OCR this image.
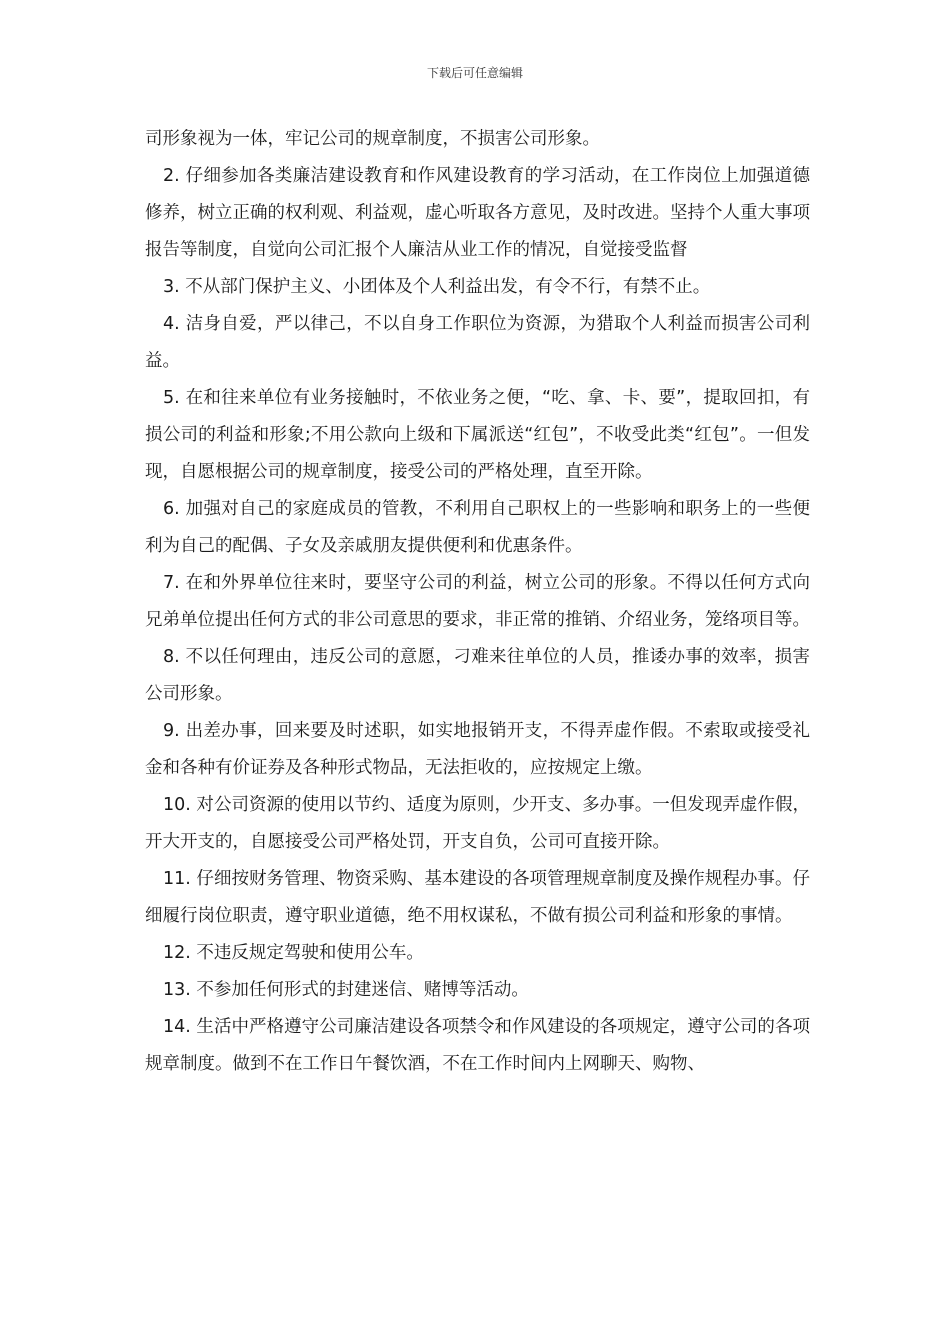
下载后可任意编辑

司形象视为一体，牢记公司的规章制度，不损害公司形象。

2. 仔细参加各类廉洁建设教育和作风建设教育的学习活动，在工作岗位上加强道德修养，树立正确的权利观、利益观，虚心听取各方意见，及时改进。坚持个人重大事项报告等制度，自觉向公司汇报个人廉洁从业工作的情况，自觉接受监督

3. 不从部门保护主义、小团体及个人利益出发，有令不行，有禁不止。

4. 洁身自爱，严以律己，不以自身工作职位为资源，为猎取个人利益而损害公司利益。

5. 在和往来单位有业务接触时，不依业务之便，“吃、拿、卡、要”，提取回扣，有损公司的利益和形象;不用公款向上级和下属派送“红包”，不收受此类“红包”。一但发现，自愿根据公司的规章制度，接受公司的严格处理，直至开除。

6. 加强对自己的家庭成员的管教，不利用自己职权上的一些影响和职务上的一些便利为自己的配偶、子女及亲戚朋友提供便利和优惠条件。

7. 在和外界单位往来时，要坚守公司的利益，树立公司的形象。不得以任何方式向兄弟单位提出任何方式的非公司意思的要求，非正常的推销、介绍业务，笼络项目等。

8. 不以任何理由，违反公司的意愿，刁难来往单位的人员，推诿办事的效率，损害公司形象。

9. 出差办事，回来要及时述职，如实地报销开支，不得弄虚作假。不索取或接受礼金和各种有价证券及各种形式物品，无法拒收的，应按规定上缴。

10. 对公司资源的使用以节约、适度为原则，少开支、多办事。一但发现弄虚作假，开大开支的，自愿接受公司严格处罚，开支自负，公司可直接开除。

11. 仔细按财务管理、物资采购、基本建设的各项管理规章制度及操作规程办事。仔细履行岗位职责，遵守职业道德，绝不用权谋私，不做有损公司利益和形象的事情。

12. 不违反规定驾驶和使用公车。

13. 不参加任何形式的封建迷信、赌博等活动。

14. 生活中严格遵守公司廉洁建设各项禁令和作风建设的各项规定，遵守公司的各项规章制度。做到不在工作日午餐饮酒，不在工作时间内上网聊天、购物、
